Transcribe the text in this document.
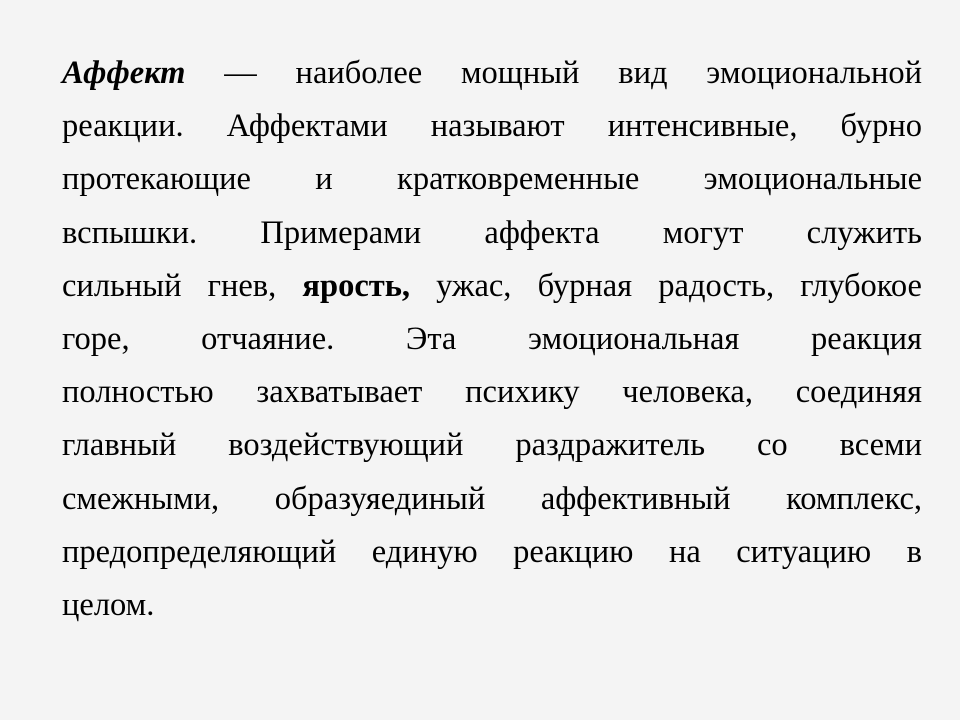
Аффект — наиболее мощный вид эмоциональной
реакции. Аффектами называют интенсивные, бурно
протекающие и кратковременные эмоциональные
вспышки. Примерами аффекта могут служить
сильный гнев, ярость, ужас, бурная радость, глубокое
горе, отчаяние. Эта эмоциональная реакция
полностью захватывает психику человека, соединяя
главный воздействующий раздражитель со всеми
смежными, образуяединый аффективный комплекс,
предопределяющий единую реакцию на ситуацию в
целом.
